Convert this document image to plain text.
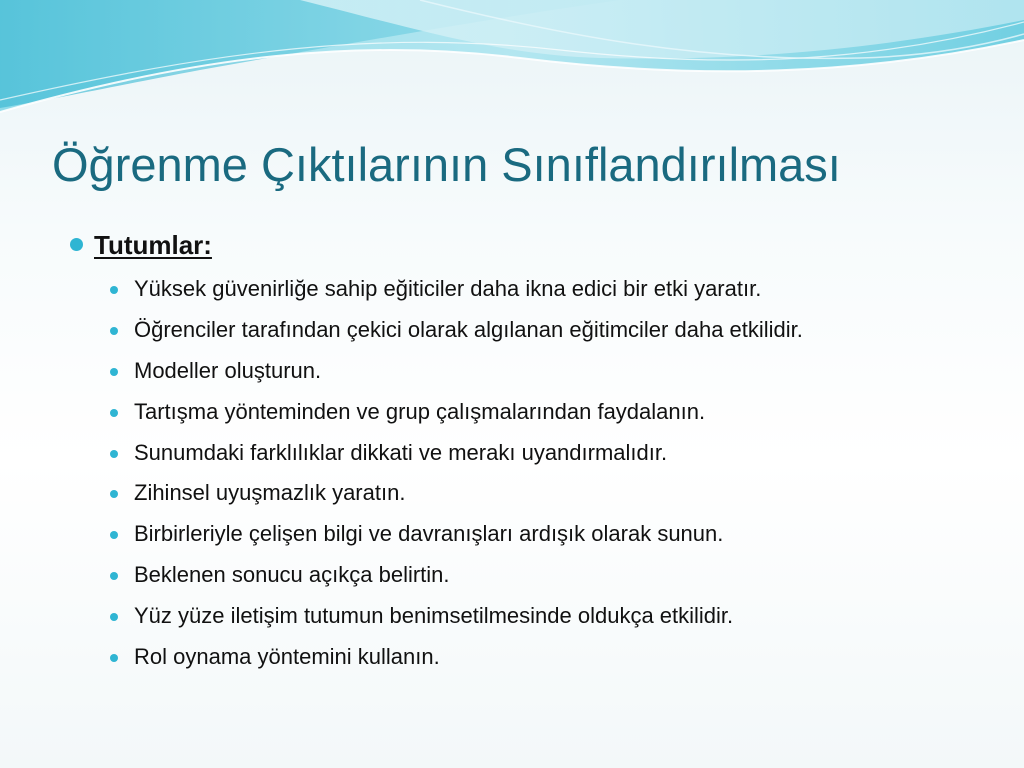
Öğrenme Çıktılarının Sınıflandırılması
Tutumlar:
Yüksek güvenirliğe sahip eğiticiler daha ikna edici bir etki yaratır.
Öğrenciler tarafından çekici olarak algılanan eğitimciler daha etkilidir.
Modeller oluşturun.
Tartışma yönteminden ve grup çalışmalarından faydalanın.
Sunumdaki farklılıklar dikkati ve merakı uyandırmalıdır.
Zihinsel uyuşmazlık yaratın.
Birbirleriyle çelişen bilgi ve davranışları ardışık olarak sunun.
Beklenen sonucu açıkça belirtin.
Yüz yüze iletişim tutumun benimsetilmesinde oldukça etkilidir.
Rol oynama yöntemini kullanın.
